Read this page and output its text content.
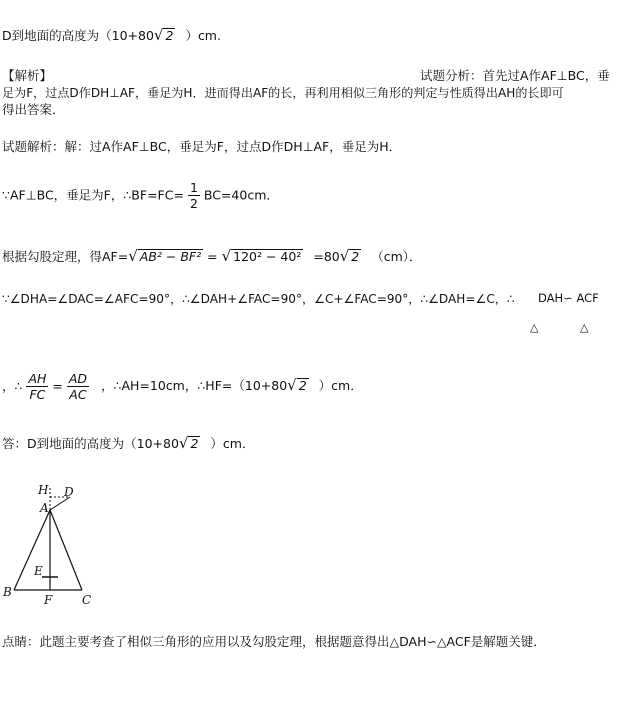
D到地面的高度为（10+80√ 2 ）cm.
【解析】	试题分析：首先过A作AF⊥BC，垂
足为F，过点D作DH⊥AF，垂足为H．进而得出AF的长，再利用相似三角形的判定与性质得出AH的长即可
得出答案．
试题解析：解：过A作AF⊥BC，垂足为F，过点D作DH⊥AF，垂足为H．
∵AF⊥BC，垂足为F，∴BF=FC= $\frac{1}{2} BC=40cm$．
根据勾股定理，得AF=√ AB² − BF² = √ 120² − 40² =80√ 2 （cm）．
∵∠DHA=∠DAC=∠AFC=90°，∴∠DAH+∠FAC=90°，∠C+∠FAC=90°，∴∠DAH=∠C，∴ DAH∽ ACF
△	△
，∴ $\frac{AH}{FC} = \frac{AD}{AC}$ ，∴AH=10cm，∴HF=（10+80√ 2 ）cm．
答：D到地面的高度为（10+80√ 2 ）cm．
H D
A
E
B
F C
点睛：此题主要考查了相似三角形的应用以及勾股定理，根据题意得出△DAH∽△ACF是解题关键．
